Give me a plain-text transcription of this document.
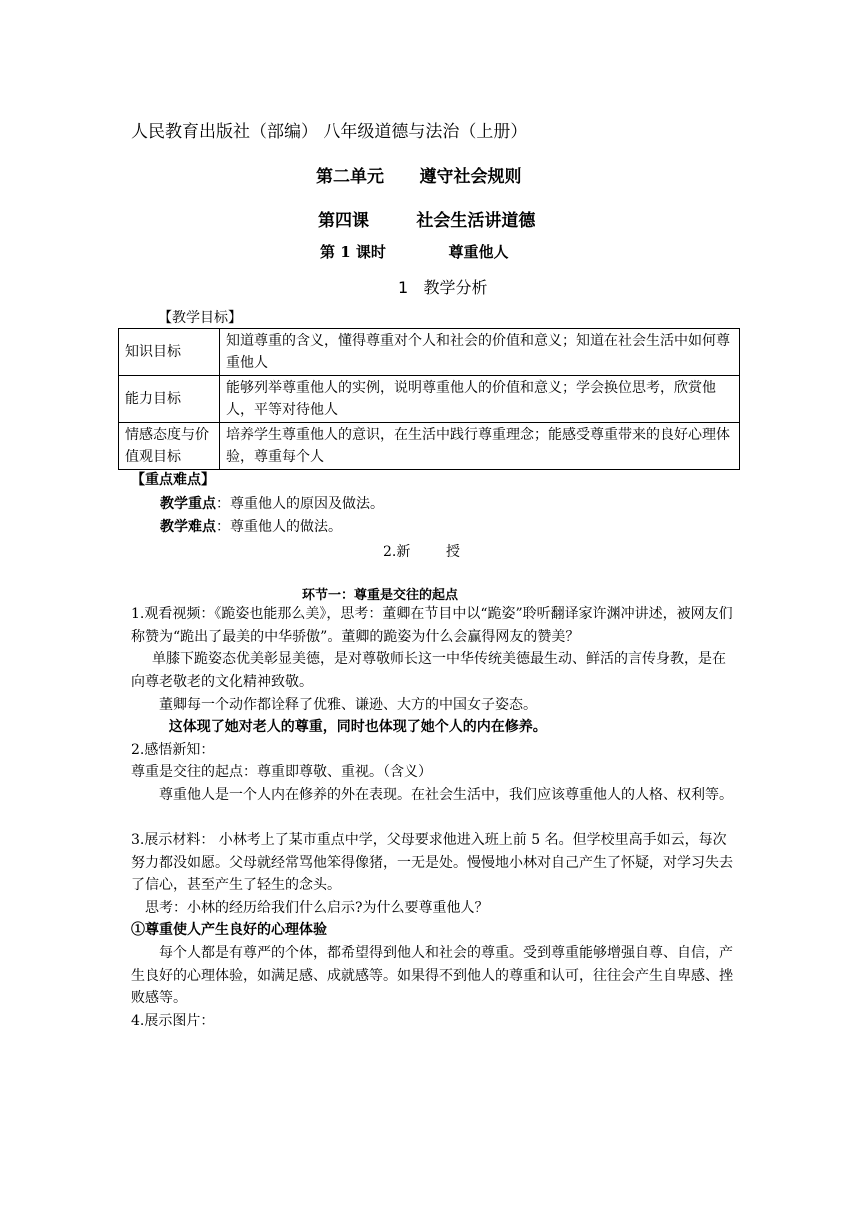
人民教育出版社（部编） 八年级道德与法治（上册）
第二单元      遵守社会规则
第四课        社会生活讲道德
第 1 课时            尊重他人
1   教学分析
【教学目标】
知识目标	知道尊重的含义，懂得尊重对个人和社会的价值和意义；知道在社会生活中如何尊重他人
能力目标	能够列举尊重他人的实例，说明尊重他人的价值和意义；学会换位思考，欣赏他人，平等对待他人
情感态度与价值观目标	培养学生尊重他人的意识，在生活中践行尊重理念；能感受尊重带来的良好心理体验，尊重每个人
【重点难点】
教学重点：尊重他人的原因及做法。
教学难点：尊重他人的做法。
2.新        授
环节一：尊重是交往的起点
1.观看视频：《跪姿也能那么美》，思考：董卿在节目中以“跪姿”聆听翻译家许渊冲讲述，被网友们称赞为“跪出了最美的中华骄傲”。董卿的跪姿为什么会赢得网友的赞美？
单膝下跪姿态优美彰显美德，是对尊敬师长这一中华传统美德最生动、鲜活的言传身教，是在向尊老敬老的文化精神致敬。
董卿每一个动作都诠释了优雅、谦逊、大方的中国女子姿态。
这体现了她对老人的尊重，同时也体现了她个人的内在修养。
2.感悟新知：
尊重是交往的起点：尊重即尊敬、重视。（含义）
尊重他人是一个人内在修养的外在表现。在社会生活中，我们应该尊重他人的人格、权利等。
3.展示材料： 小林考上了某市重点中学，父母要求他进入班上前 5 名。但学校里高手如云，每次努力都没如愿。父母就经常骂他笨得像猪，一无是处。慢慢地小林对自己产生了怀疑，对学习失去了信心，甚至产生了轻生的念头。
思考：小林的经历给我们什么启示?为什么要尊重他人？
①尊重使人产生良好的心理体验
每个人都是有尊严的个体，都希望得到他人和社会的尊重。受到尊重能够增强自尊、自信，产生良好的心理体验，如满足感、成就感等。如果得不到他人的尊重和认可，往往会产生自卑感、挫败感等。
4.展示图片：
